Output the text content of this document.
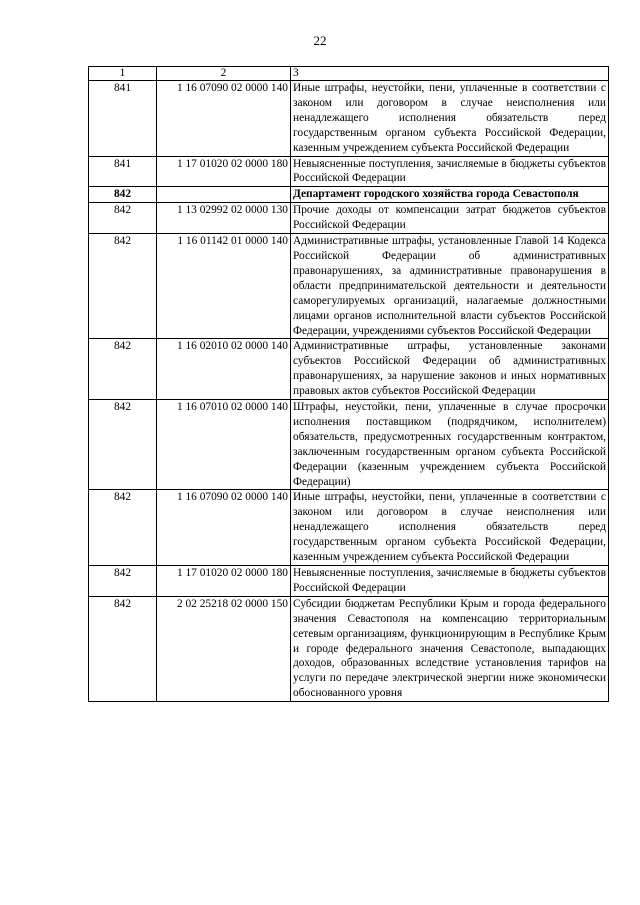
22
1	2	3
841	1 16 07090 02 0000 140	Иные штрафы, неустойки, пени, уплаченные в соответствии с законом или договором в случае неисполнения или ненадлежащего исполнения обязательств перед государственным органом субъекта Российской Федерации, казенным учреждением субъекта Российской Федерации
841	1 17 01020 02 0000 180	Невыясненные поступления, зачисляемые в бюджеты субъектов Российской Федерации
842		Департамент городского хозяйства города Севастополя
842	1 13 02992 02 0000 130	Прочие доходы от компенсации затрат бюджетов субъектов Российской Федерации
842	1 16 01142 01 0000 140	Административные штрафы, установленные Главой 14 Кодекса Российской Федерации об административных правонарушениях, за административные правонарушения в области предпринимательской деятельности и деятельности саморегулируемых организаций, налагаемые должностными лицами органов исполнительной власти субъектов Российской Федерации, учреждениями субъектов Российской Федерации
842	1 16 02010 02 0000 140	Административные штрафы, установленные законами субъектов Российской Федерации об административных правонарушениях, за нарушение законов и иных нормативных правовых актов субъектов Российской Федерации
842	1 16 07010 02 0000 140	Штрафы, неустойки, пени, уплаченные в случае просрочки исполнения поставщиком (подрядчиком, исполнителем) обязательств, предусмотренных государственным контрактом, заключенным государственным органом субъекта Российской Федерации (казенным учреждением субъекта Российской Федерации)
842	1 16 07090 02 0000 140	Иные штрафы, неустойки, пени, уплаченные в соответствии с законом или договором в случае неисполнения или ненадлежащего исполнения обязательств перед государственным органом субъекта Российской Федерации, казенным учреждением субъекта Российской Федерации
842	1 17 01020 02 0000 180	Невыясненные поступления, зачисляемые в бюджеты субъектов Российской Федерации
842	2 02 25218 02 0000 150	Субсидии бюджетам Республики Крым и города федерального значения Севастополя на компенсацию территориальным сетевым организациям, функционирующим в Республике Крым и городе федерального значения Севастополе, выпадающих доходов, образованных вследствие установления тарифов на услуги по передаче электрической энергии ниже экономически обоснованного уровня
